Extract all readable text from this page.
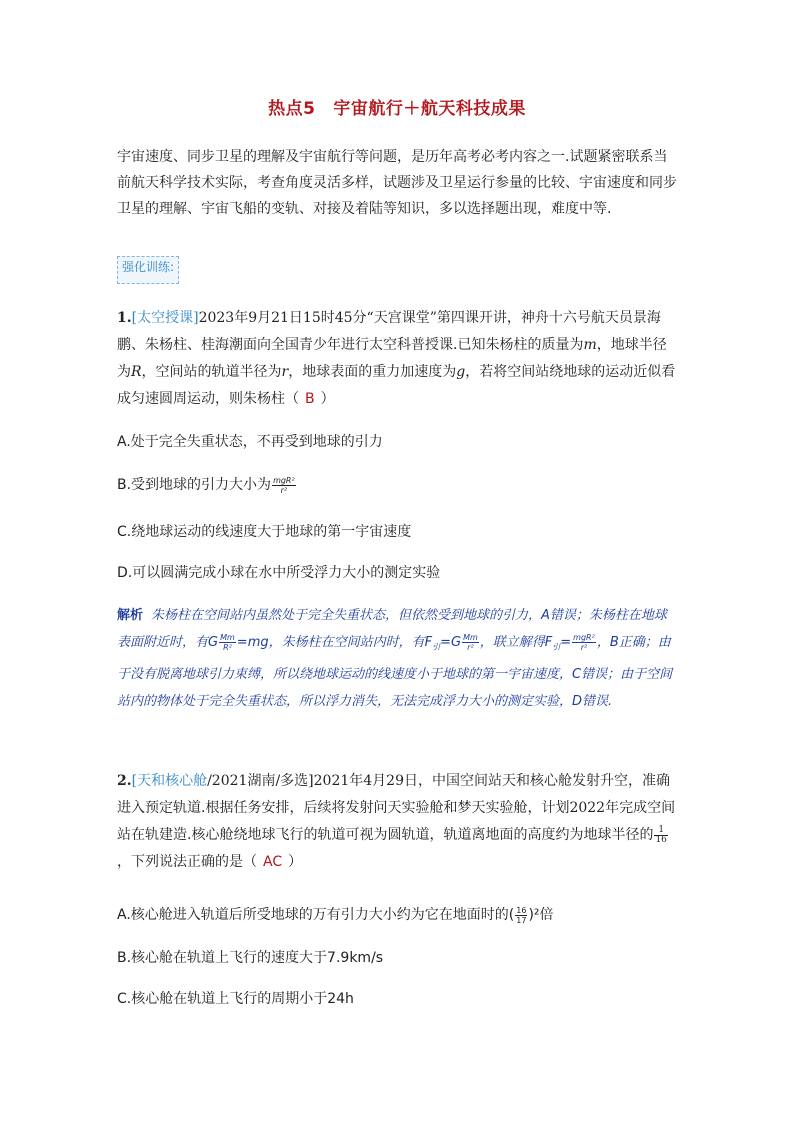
热点5 宇宙航行＋航天科技成果
宇宙速度、同步卫星的理解及宇宙航行等问题，是历年高考必考内容之一.试题紧密联系当前航天科学技术实际，考查角度灵活多样，试题涉及卫星运行参量的比较、宇宙速度和同步卫星的理解、宇宙飞船的变轨、对接及着陆等知识，多以选择题出现，难度中等.
强化训练:
1.[太空授课]2023年9月21日15时45分“天宫课堂”第四课开讲，神舟十六号航天员景海鹏、朱杨柱、桂海潮面向全国青少年进行太空科普授课.已知朱杨柱的质量为m，地球半径为R，空间站的轨道半径为r，地球表面的重力加速度为g，若将空间站绕地球的运动近似看成匀速圆周运动，则朱杨柱（ B ）
A.处于完全失重状态，不再受到地球的引力
B.受到地球的引力大小为 $\frac{\text{mgR²}}{\text{r²}}$
C.绕地球运动的线速度大于地球的第一宇宙速度
D.可以圆满完成小球在水中所受浮力大小的测定实验
解析 朱杨柱在空间站内虽然处于完全失重状态，但依然受到地球的引力，A错误；朱杨柱在地球表面附近时，有G $\frac{Mm}{\text{R²}} =mg$，朱杨柱在空间站内时，有$F_引=G \frac{Mm}{\text{r²}}$ ，联立解得$F_引= \frac{\text{mgR²}}{\text{r²}}$ ，B正确；由于没有脱离地球引力束缚，所以绕地球运动的线速度小于地球的第一宇宙速度，C错误；由于空间站内的物体处于完全失重状态，所以浮力消失，无法完成浮力大小的测定实验，D错误.
2.[天和核心舱/2021湖南/多选]2021年4月29日，中国空间站天和核心舱发射升空，准确进入预定轨道.根据任务安排，后续将发射问天实验舱和梦天实验舱，计划2022年完成空间站在轨建造.核心舱绕地球飞行的轨道可视为圆轨道，轨道离地面的高度约为地球半径的 $\frac{1}{16}$
，下列说法正确的是（ AC ）
A.核心舱进入轨道后所受地球的万有引力大小约为它在地面时的( $\frac{16}{17} )^2$倍
B.核心舱在轨道上飞行的速度大于7.9km/s
C.核心舱在轨道上飞行的周期小于24h
